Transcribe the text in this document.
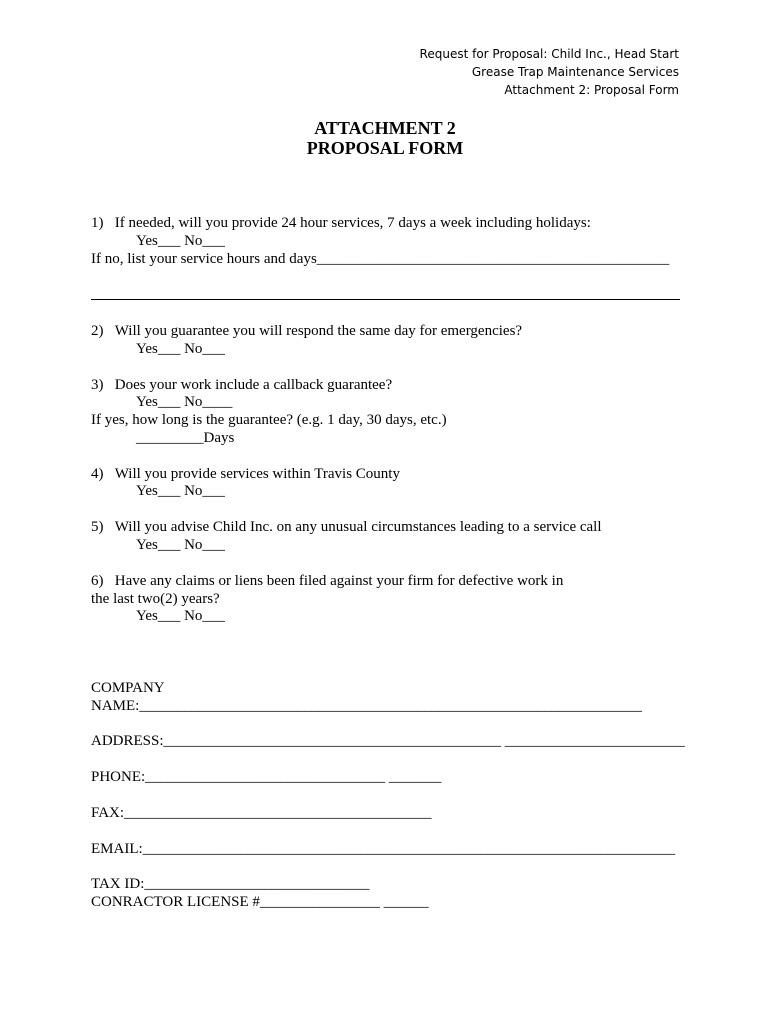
Request for Proposal: Child Inc., Head Start
Grease Trap Maintenance Services
Attachment 2: Proposal Form
ATTACHMENT 2
PROPOSAL FORM
1)   If needed, will you provide 24 hour services, 7 days a week including holidays:
Yes___ No___
If no, list your service hours and days_______________________________________________
2)   Will you guarantee you will respond the same day for emergencies?
Yes___ No___
3)   Does your work include a callback guarantee?
Yes___ No____
If yes, how long is the guarantee? (e.g. 1 day, 30 days, etc.)
_________Days
4)   Will you provide services within Travis County
Yes___ No___
5)   Will you advise Child Inc. on any unusual circumstances leading to a service call
Yes___ No___
6)   Have any claims or liens been filed against your firm for defective work in
the last two(2) years?
Yes___ No___
COMPANY
NAME:___________________________________________________________________
ADDRESS:_____________________________________________ ________________________
PHONE:________________________________ _______
FAX:_________________________________________
EMAIL:_______________________________________________________________________
TAX ID:______________________________
CONRACTOR LICENSE #________________ ______
